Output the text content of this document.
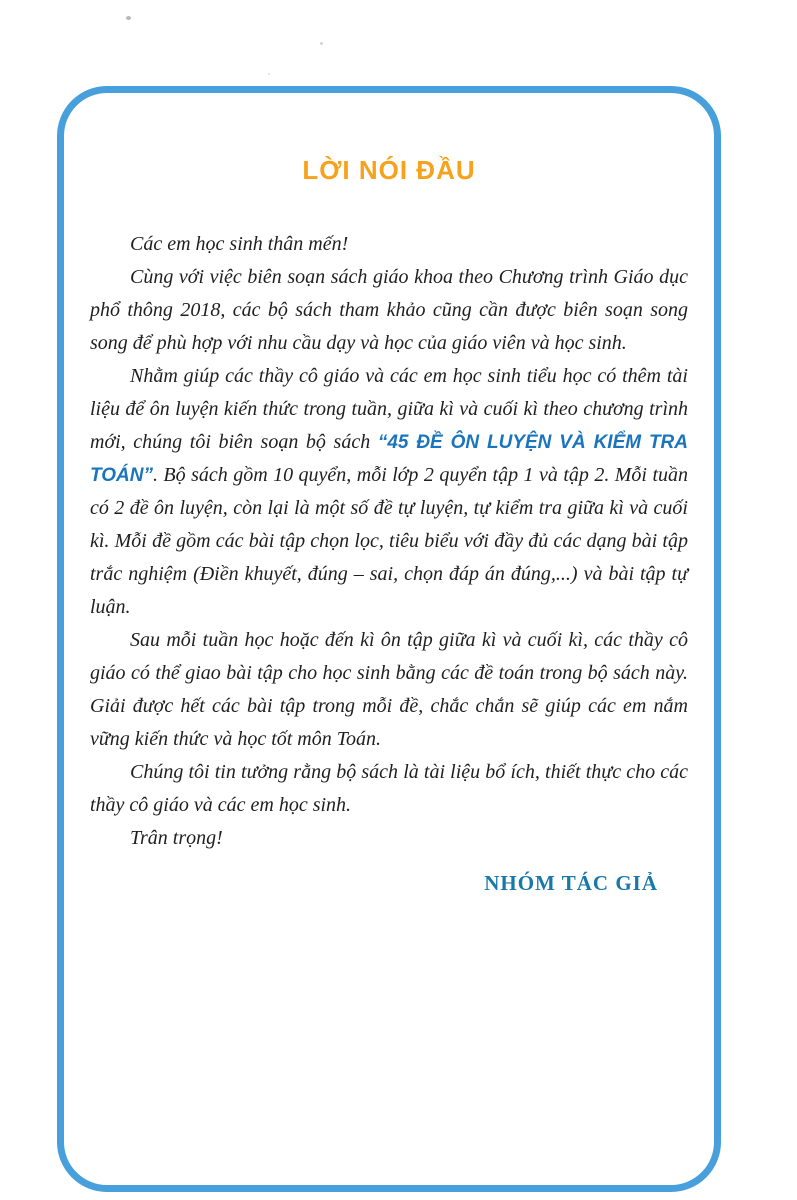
LỜI NÓI ĐẦU

Các em học sinh thân mến!

Cùng với việc biên soạn sách giáo khoa theo Chương trình Giáo dục phổ thông 2018, các bộ sách tham khảo cũng cần được biên soạn song song để phù hợp với nhu cầu dạy và học của giáo viên và học sinh.

Nhằm giúp các thầy cô giáo và các em học sinh tiểu học có thêm tài liệu để ôn luyện kiến thức trong tuần, giữa kì và cuối kì theo chương trình mới, chúng tôi biên soạn bộ sách “45 ĐỀ ÔN LUYỆN VÀ KIỂM TRA TOÁN”. Bộ sách gồm 10 quyển, mỗi lớp 2 quyển tập 1 và tập 2. Mỗi tuần có 2 đề ôn luyện, còn lại là một số đề tự luyện, tự kiểm tra giữa kì và cuối kì. Mỗi đề gồm các bài tập chọn lọc, tiêu biểu với đầy đủ các dạng bài tập trắc nghiệm (Điền khuyết, đúng – sai, chọn đáp án đúng,...) và bài tập tự luận.

Sau mỗi tuần học hoặc đến kì ôn tập giữa kì và cuối kì, các thầy cô giáo có thể giao bài tập cho học sinh bằng các đề toán trong bộ sách này. Giải được hết các bài tập trong mỗi đề, chắc chắn sẽ giúp các em nắm vững kiến thức và học tốt môn Toán.

Chúng tôi tin tưởng rằng bộ sách là tài liệu bổ ích, thiết thực cho các thầy cô giáo và các em học sinh.

Trân trọng!

NHÓM TÁC GIẢ
